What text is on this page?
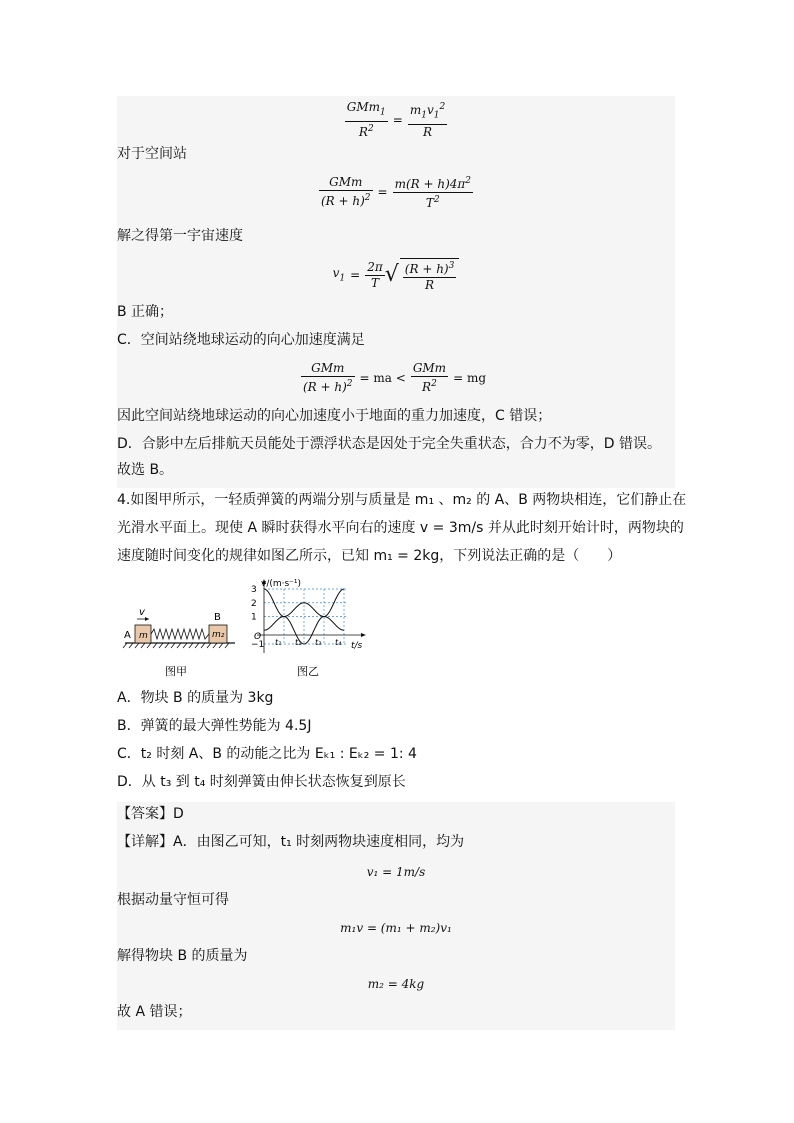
$\frac{GMm_1}{R^2} = \frac{m_1v_1^2}{R}$
对于空间站
$\frac{\text{GMm}}{(R + h)^2} = \frac{m(R + h)4\pi^2}{T^2}$
解之得第一宇宙速度
$v_1 = \frac{2\pi}{T}$ √ $\frac{(R + h)^3}{R}$
B 正确；
C．空间站绕地球运动的向心加速度满足
$\frac{\text{GMm}}{(R + h)^2}$ = ma < $\frac{\text{GMm}}{R^2}$ = mg
因此空间站绕地球运动的向心加速度小于地面的重力加速度，C 错误；
D．合影中左后排航天员能处于漂浮状态是因处于完全失重状态，合力不为零，D 错误。
故选 B。
4.如图甲所示，一轻质弹簧的两端分别与质量是 m₁ 、m₂ 的 A、B 两物块相连，它们静止在
光滑水平面上。现使 A 瞬时获得水平向右的速度 v = 3m/s 并从此时刻开始计时，两物块的
速度随时间变化的规律如图乙所示，已知 m₁ = 2kg，下列说法正确的是（　　）
v
A m	m₂
B
图甲
v/(m·s⁻¹)
t/s
O
3
2
1
−1 t₁ t₂ t₃ t₄
图乙
A．物块 B 的质量为 3kg
B．弹簧的最大弹性势能为 4.5J
C．t₂ 时刻 A、B 的动能之比为 Eₖ₁ : Eₖ₂ = 1: 4
D．从 t₃ 到 t₄ 时刻弹簧由伸长状态恢复到原长
【答案】D
【详解】A．由图乙可知，t₁ 时刻两物块速度相同，均为
v₁ = 1m/s
根据动量守恒可得
m₁v = (m₁ + m₂)v₁
解得物块 B 的质量为
m₂ = 4kg
故 A 错误；
